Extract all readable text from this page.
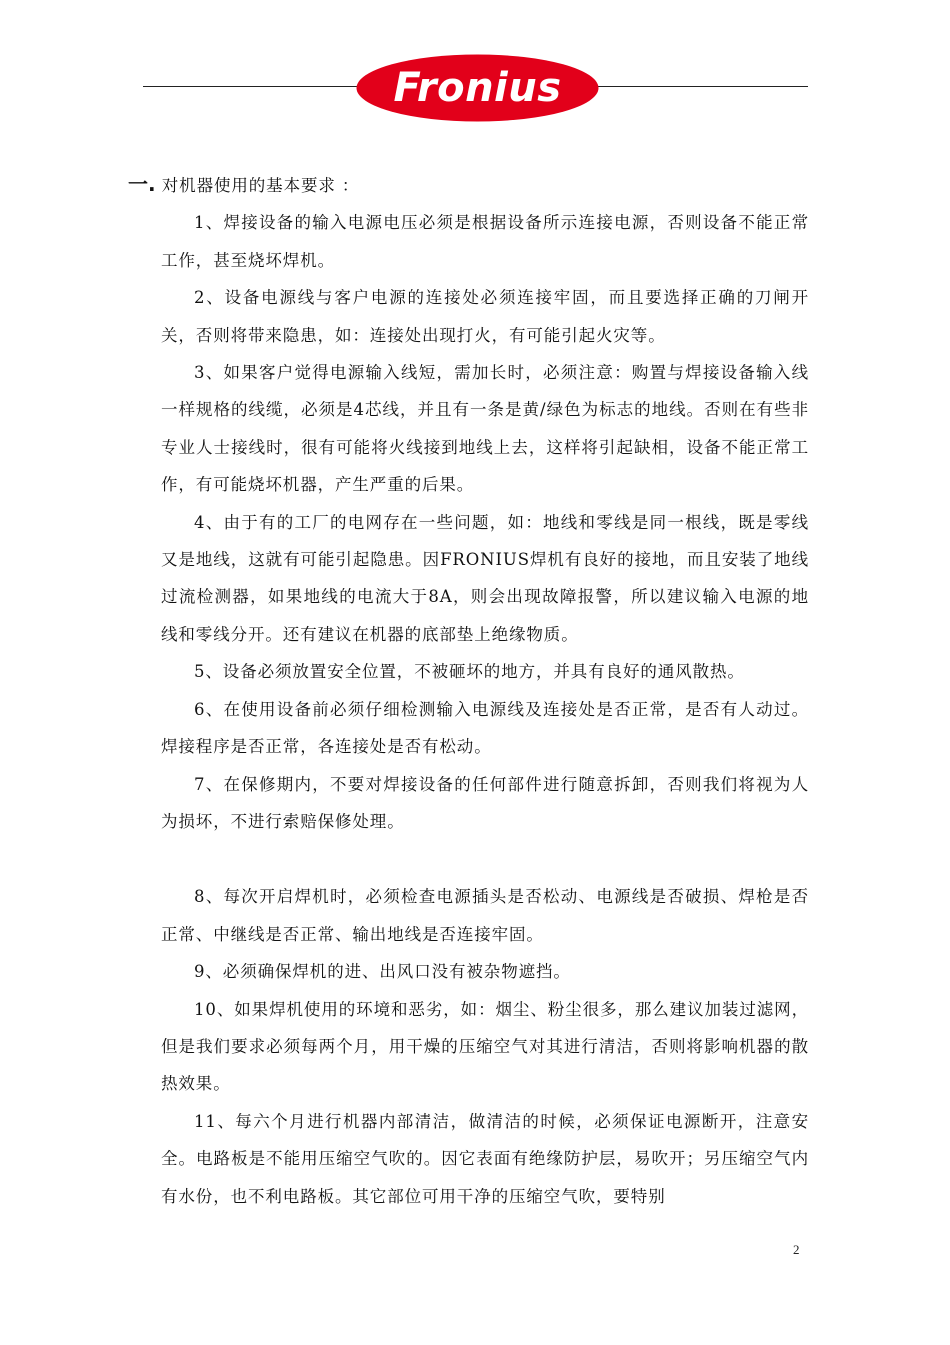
Fronius
一. 对机器使用的基本要求 ：

1、焊接设备的输入电源电压必须是根据设备所示连接电源，否则设备不能正常工作，甚至烧坏焊机。

2、设备电源线与客户电源的连接处必须连接牢固，而且要选择正确的刀闸开关，否则将带来隐患，如：连接处出现打火，有可能引起火灾等。

3、如果客户觉得电源输入线短，需加长时，必须注意：购置与焊接设备输入线一样规格的线缆，必须是4芯线，并且有一条是黄/绿色为标志的地线。否则在有些非专业人士接线时，很有可能将火线接到地线上去，这样将引起缺相，设备不能正常工作，有可能烧坏机器，产生严重的后果。

4、由于有的工厂的电网存在一些问题，如：地线和零线是同一根线，既是零线又是地线，这就有可能引起隐患。因FRONIUS焊机有良好的接地，而且安装了地线过流检测器，如果地线的电流大于8A，则会出现故障报警，所以建议输入电源的地线和零线分开。还有建议在机器的底部垫上绝缘物质。

5、设备必须放置安全位置，不被砸坏的地方，并具有良好的通风散热。

6、在使用设备前必须仔细检测输入电源线及连接处是否正常，是否有人动过。焊接程序是否正常，各连接处是否有松动。

7、在保修期内，不要对焊接设备的任何部件进行随意拆卸，否则我们将视为人为损坏，不进行索赔保修处理。

8、每次开启焊机时，必须检查电源插头是否松动、电源线是否破损、焊枪是否正常、中继线是否正常、输出地线是否连接牢固。

9、必须确保焊机的进、出风口没有被杂物遮挡。

10、如果焊机使用的环境和恶劣，如：烟尘、粉尘很多，那么建议加装过滤网，但是我们要求必须每两个月，用干燥的压缩空气对其进行清洁，否则将影响机器的散热效果。

11、每六个月进行机器内部清洁，做清洁的时候，必须保证电源断开，注意安全。电路板是不能用压缩空气吹的。因它表面有绝缘防护层，易吹开；另压缩空气内有水份，也不利电路板。其它部位可用干净的压缩空气吹，要特别

2
